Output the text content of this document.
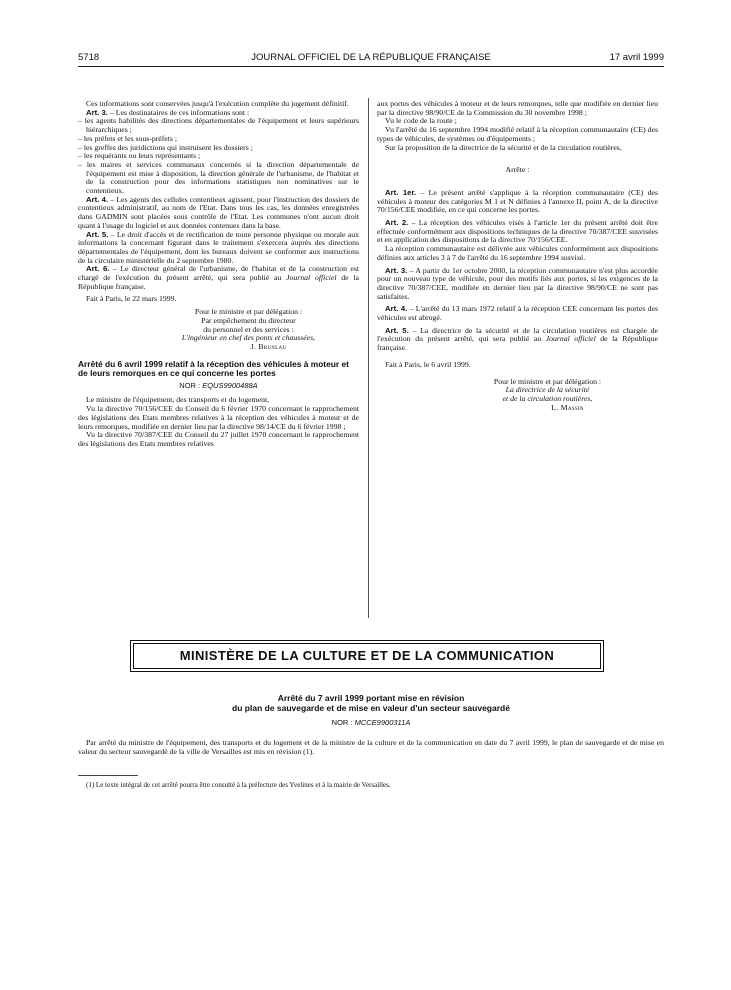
5718	JOURNAL OFFICIEL DE LA RÉPUBLIQUE FRANÇAISE	17 avril 1999

Ces informations sont conservées jusqu'à l'exécution complète du jugement définitif.

Art. 3. – Les destinataires de ces informations sont :

– les agents habilités des directions départementales de l'équipement et leurs supérieurs hiérarchiques ;

– les préfets et les sous-préfets ;

– les greffes des juridictions qui instruisent les dossiers ;

– les requérants ou leurs représentants ;

– les maires et services communaux concernés si la direction départementale de l'équipement est mise à disposition, la direction générale de l'urbanisme, de l'habitat et de la construction pour des informations statistiques non nominatives sur le contentieux.

Art. 4. – Les agents des cellules contentieux agissent, pour l'instruction des dossiers de contentieux administratif, au nom de l'Etat. Dans tous les cas, les données enregistrées dans GADMIN sont placées sous contrôle de l'Etat. Les communes n'ont aucun droit quant à l'usage du logiciel et aux données contenues dans la base.

Art. 5. – Le droit d'accès et de rectification de toute personne physique ou morale aux informations la concernant figurant dans le traitement s'exercera auprès des directions départementales de l'équipement, dont les bureaux doivent se conformer aux instructions de la circulaire ministérielle du 2 septembre 1980.

Art. 6. – Le directeur général de l'urbanisme, de l'habitat et de la construction est chargé de l'exécution du présent arrêté, qui sera publié au Journal officiel de la République française.

Fait à Paris, le 22 mars 1999.

Pour le ministre et par délégation :

Par empêchement du directeur

du personnel et des services :

L'ingénieur en chef des ponts et chaussées,

J. Brunlau

Arrêté du 6 avril 1999 relatif à la réception des véhicules à moteur et de leurs remorques en ce qui concerne les portes
NOR : EQUS9900488A

Le ministre de l'équipement, des transports et du logement,

Vu la directive 70/156/CEE du Conseil du 6 février 1970 concernant le rapprochement des législations des Etats membres relatives à la réception des véhicules à moteur et de leurs remorques, modifiée en dernier lieu par la directive 98/14/CE du 6 février 1998 ;

Vu la directive 70/387/CEE du Conseil du 27 juillet 1970 concernant le rapprochement des législations des Etats membres relatives

aux portes des véhicules à moteur et de leurs remorques, telle que modifiée en dernier lieu par la directive 98/90/CE de la Commission du 30 novembre 1998 ;

Vu le code de la route ;

Vu l'arrêté du 16 septembre 1994 modifié relatif à la réception communautaire (CE) des types de véhicules, de systèmes ou d'équipements ;

Sur la proposition de la directrice de la sécurité et de la circulation routières,

Arrête :

Art. 1er. – Le présent arrêté s'applique à la réception communautaire (CE) des véhicules à moteur des catégories M 1 et N définies à l'annexe II, point A, de la directive 70/156/CEE modifiée, en ce qui concerne les portes.

Art. 2. – La réception des véhicules visés à l'article 1er du présent arrêté doit être effectuée conformément aux dispositions techniques de la directive 70/387/CEE susvisées et en application des dispositions de la directive 70/156/CEE.

La réception communautaire est délivrée aux véhicules conformément aux dispositions définies aux articles 3 à 7 de l'arrêté du 16 septembre 1994 susvisé.

Art. 3. – A partir du 1er octobre 2000, la réception communautaire n'est plus accordée pour un nouveau type de véhicule, pour des motifs liés aux portes, si les exigences de la directive 70/387/CEE, modifiée en dernier lieu par la directive 98/90/CE ne sont pas satisfaites.

Art. 4. – L'arrêté du 13 mars 1972 relatif à la réception CEE concernant les portes des véhicules est abrogé.

Art. 5. – La directrice de la sécurité et de la circulation routières est chargée de l'exécution du présent arrêté, qui sera publié au Journal officiel de la République française.

Fait à Paris, le 6 avril 1999.

Pour le ministre et par délégation :

La directrice de la sécurité

et de la circulation routières,

L. Massin

MINISTÈRE DE LA CULTURE ET DE LA COMMUNICATION
Arrêté du 7 avril 1999 portant mise en révision
du plan de sauvegarde et de mise en valeur d'un secteur sauvegardé
NOR : MCCE9900311A

Par arrêté du ministre de l'équipement, des transports et du logement et de la ministre de la culture et de la communication en date du 7 avril 1999, le plan de sauvegarde et de mise en valeur du secteur sauvegardé de la ville de Versailles est mis en révision (1).

(1) Le texte intégral de cet arrêté pourra être consulté à la préfecture des Yvelines et à la mairie de Versailles.
